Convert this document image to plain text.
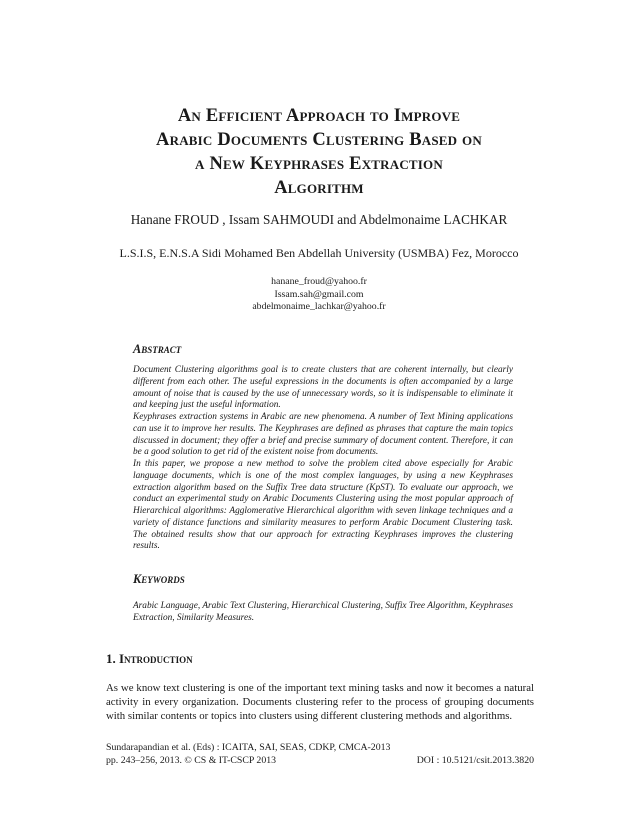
An Efficient Approach to Improve
Arabic Documents Clustering Based on
a New Keyphrases Extraction
Algorithm
Hanane FROUD , Issam SAHMOUDI and Abdelmonaime LACHKAR
L.S.I.S, E.N.S.A Sidi Mohamed Ben Abdellah University (USMBA) Fez, Morocco
hanane_froud@yahoo.fr
Issam.sah@gmail.com
abdelmonaime_lachkar@yahoo.fr
Abstract

Document Clustering algorithms goal is to create clusters that are coherent internally, but clearly different from each other. The useful expressions in the documents is often accompanied by a large amount of noise that is caused by the use of unnecessary words, so it is indispensable to eliminate it and keeping just the useful information.

Keyphrases extraction systems in Arabic are new phenomena. A number of Text Mining applications can use it to improve her results. The Keyphrases are defined as phrases that capture the main topics discussed in document; they offer a brief and precise summary of document content. Therefore, it can be a good solution to get rid of the existent noise from documents.

In this paper, we propose a new method to solve the problem cited above especially for Arabic language documents, which is one of the most complex languages, by using a new Keyphrases extraction algorithm based on the Suffix Tree data structure (KpST). To evaluate our approach, we conduct an experimental study on Arabic Documents Clustering using the most popular approach of Hierarchical algorithms: Agglomerative Hierarchical algorithm with seven linkage techniques and a variety of distance functions and similarity measures to perform Arabic Document Clustering task. The obtained results show that our approach for extracting Keyphrases improves the clustering results.

Keywords
Arabic Language, Arabic Text Clustering, Hierarchical Clustering, Suffix Tree Algorithm, Keyphrases Extraction, Similarity Measures.
1. Introduction
As we know text clustering is one of the important text mining tasks and now it becomes a natural activity in every organization. Documents clustering refer to the process of grouping documents with similar contents or topics into clusters using different clustering methods and algorithms.
Sundarapandian et al. (Eds) : ICAITA, SAI, SEAS, CDKP, CMCA-2013
pp. 243–256, 2013. © CS & IT-CSCP 2013	DOI : 10.5121/csit.2013.3820
